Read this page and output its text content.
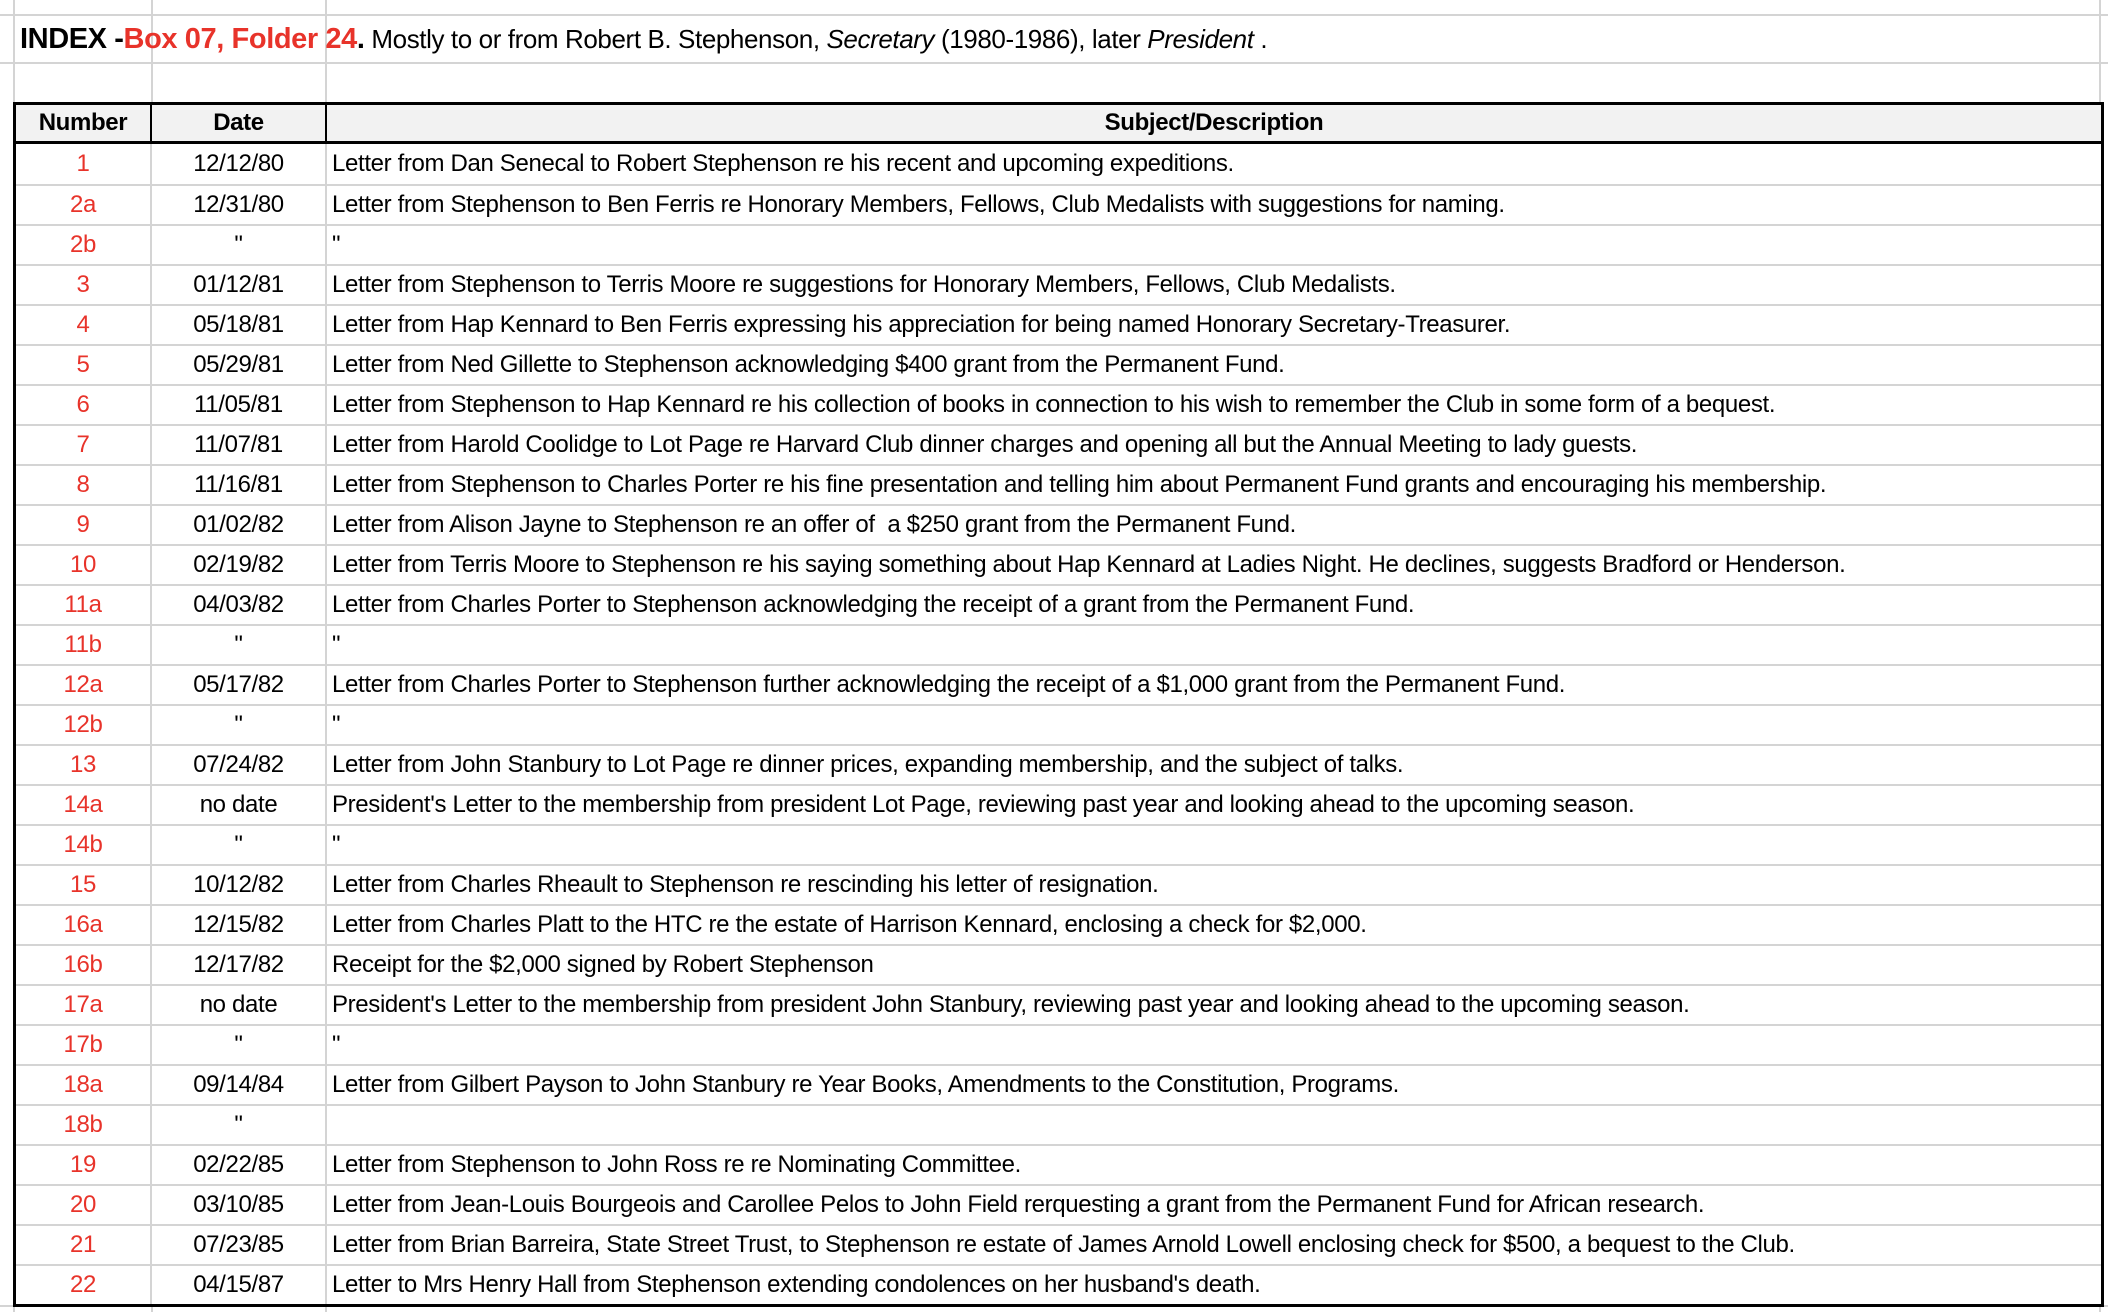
INDEX - Box 07, Folder 24 . Mostly to or from Robert B. Stephenson, Secretary (1980-1986), later President .
Number	Date	Subject/Description
1	12/12/80	Letter from Dan Senecal to Robert Stephenson re his recent and upcoming expeditions.
2a	12/31/80	Letter from Stephenson to Ben Ferris re Honorary Members, Fellows, Club Medalists with suggestions for naming.
2b	"	"
3	01/12/81	Letter from Stephenson to Terris Moore re suggestions for Honorary Members, Fellows, Club Medalists.
4	05/18/81	Letter from Hap Kennard to Ben Ferris expressing his appreciation for being named Honorary Secretary-Treasurer.
5	05/29/81	Letter from Ned Gillette to Stephenson acknowledging $400 grant from the Permanent Fund.
6	11/05/81	Letter from Stephenson to Hap Kennard re his collection of books in connection to his wish to remember the Club in some form of a bequest.
7	11/07/81	Letter from Harold Coolidge to Lot Page re Harvard Club dinner charges and opening all but the Annual Meeting to lady guests.
8	11/16/81	Letter from Stephenson to Charles Porter re his fine presentation and telling him about Permanent Fund grants and encouraging his membership.
9	01/02/82	Letter from Alison Jayne to Stephenson re an offer of  a $250 grant from the Permanent Fund.
10	02/19/82	Letter from Terris Moore to Stephenson re his saying something about Hap Kennard at Ladies Night. He declines, suggests Bradford or Henderson.
11a	04/03/82	Letter from Charles Porter to Stephenson acknowledging the receipt of a grant from the Permanent Fund.
11b	"	"
12a	05/17/82	Letter from Charles Porter to Stephenson further acknowledging the receipt of a $1,000 grant from the Permanent Fund.
12b	"	"
13	07/24/82	Letter from John Stanbury to Lot Page re dinner prices, expanding membership, and the subject of talks.
14a	no date	President's Letter to the membership from president Lot Page, reviewing past year and looking ahead to the upcoming season.
14b	"	"
15	10/12/82	Letter from Charles Rheault to Stephenson re rescinding his letter of resignation.
16a	12/15/82	Letter from Charles Platt to the HTC re the estate of Harrison Kennard, enclosing a check for $2,000.
16b	12/17/82	Receipt for the $2,000 signed by Robert Stephenson
17a	no date	President's Letter to the membership from president John Stanbury, reviewing past year and looking ahead to the upcoming season.
17b	"	"
18a	09/14/84	Letter from Gilbert Payson to John Stanbury re Year Books, Amendments to the Constitution, Programs.
18b	"
19	02/22/85	Letter from Stephenson to John Ross re re Nominating Committee.
20	03/10/85	Letter from Jean-Louis Bourgeois and Carollee Pelos to John Field rerquesting a grant from the Permanent Fund for African research.
21	07/23/85	Letter from Brian Barreira, State Street Trust, to Stephenson re estate of James Arnold Lowell enclosing check for $500, a bequest to the Club.
22	04/15/87	Letter to Mrs Henry Hall from Stephenson extending condolences on her husband's death.
